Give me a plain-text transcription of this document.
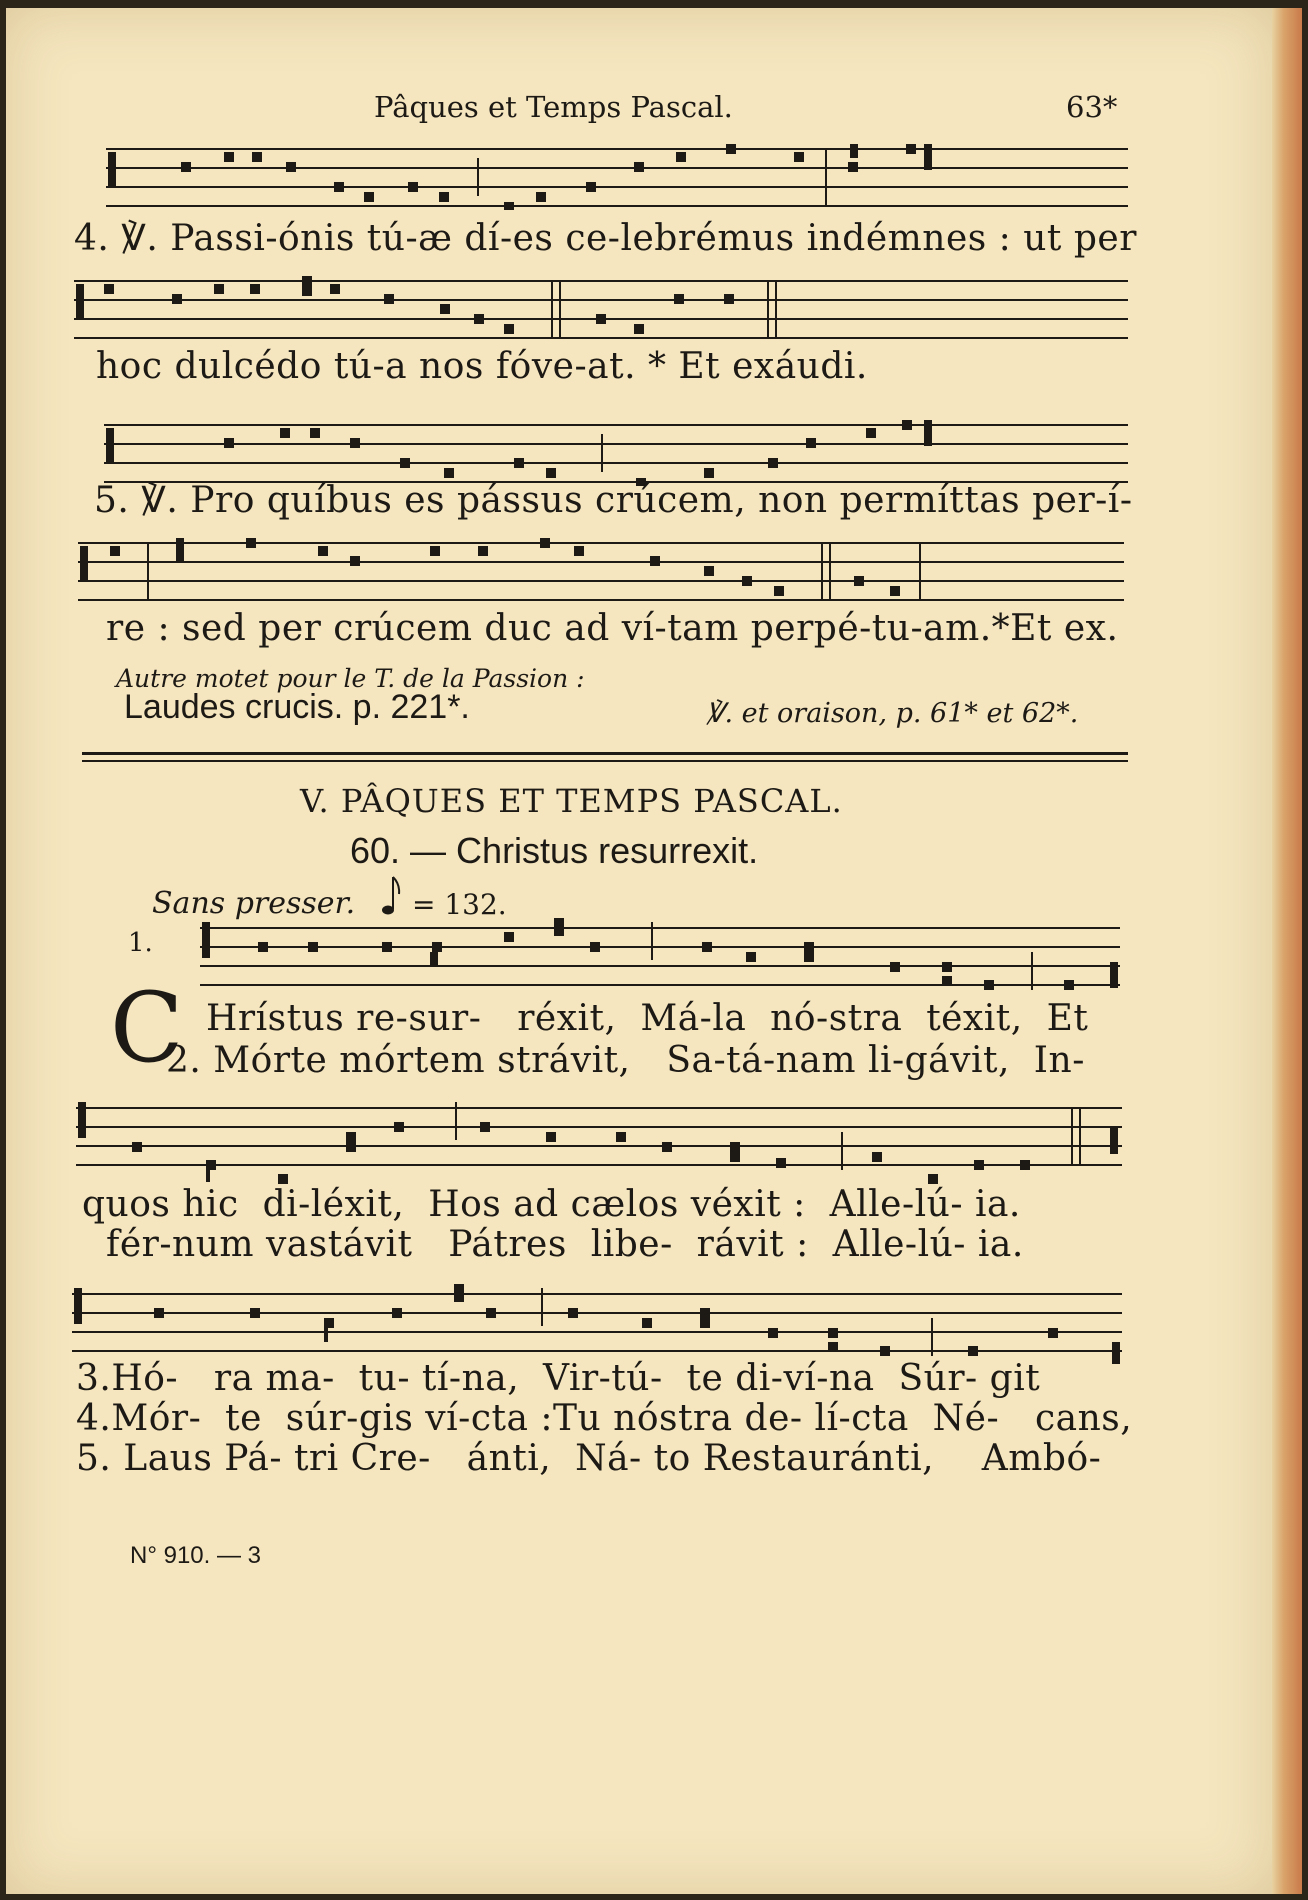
Pâques et Temps Pascal.	63*
4. ℣. Passi-ónis tú-æ dí-es ce-lebrémus indémnes : ut per
hoc dulcédo tú-a nos fóve-at. * Et exáudi.
5. ℣. Pro quíbus es pássus crúcem, non permíttas per-í-
re : sed per crúcem duc ad ví-tam perpé-tu-am.*Et ex.
Autre motet pour le T. de la Passion :
Laudes crucis. p. 221*.	℣. et oraison, p. 61* et 62*.
V. PÂQUES ET TEMPS PASCAL.
60. — Christus resurrexit.
Sans presser. = 132.
1.
C Hrístus re-sur-   réxit,  Má-la  nó-stra  téxit,  Et
2. Mórte mórtem strávit,   Sa-tá-nam li-gávit,  In-
quos hic  di-léxit,  Hos ad cælos véxit :  Alle-lú- ia.
fér-num vastávit   Pátres  libe-  rávit :  Alle-lú- ia.
3.Hó-   ra ma-  tu- tí-na,  Vir-tú-  te di-ví-na  Súr- git
4.Mór-  te  súr-gis ví-cta :Tu nóstra de- lí-cta  Né-   cans,
5. Laus Pá- tri Cre-   ánti,  Ná- to Restauránti,    Ambó-
N° 910. — 3
